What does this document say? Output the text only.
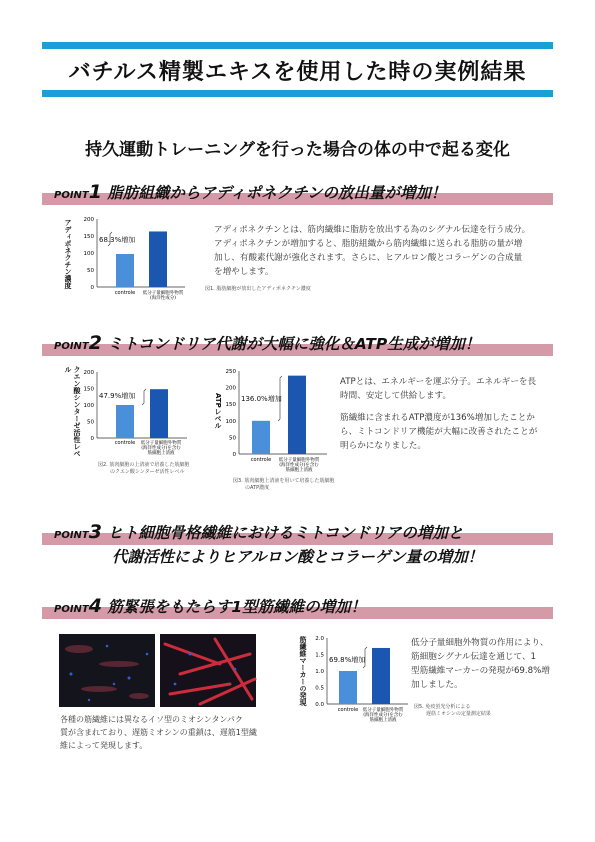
バチルス精製エキスを使用した時の実例結果
持久運動トレーニングを行った場合の体の中で起る変化
POINT1 脂肪組織からアディポネクチンの放出量が増加！
アディポネクチン濃度	0
50
100
150
200
68.3%増加
controle 低分子量細胞外物質
(海洋性成分)
図1. 脂肪細胞が放出したアディポネクチン濃度
アディポネクチンとは、筋肉繊維に脂肪を放出する為のシグナル伝達を行う成分。
アディポネクチンが増加すると、脂肪組織から筋肉繊維に送られる脂肪の量が増
加し、有酸素代謝が強化されます。さらに、ヒアルロン酸とコラーゲンの合成量
を増やします。
POINT2 ミトコンドリア代謝が大幅に強化＆ATP生成が増加！
クエン酸シンターゼ活性レベル
0
50
100
150
200
47.9%増加
controle 低分子量細胞外物質
(海洋性成分)を含む
筋細胞上清液
図2. 筋肉細胞の上清液で培養した筋細胞
のクエン酸シンターゼ活性レベル
ATPレベル
0
50
100
150
200
250
136.0%増加
controle 低分子量細胞外物質
(海洋性成分)を含む
筋細胞上清液
図3. 筋肉細胞上清液を用いて培養した筋細胞
のATP濃度
ATPとは、エネルギーを運ぶ分子。エネルギーを長
時間、安定して供給します。
筋繊維に含まれるATP濃度が136%増加したことか
ら、ミトコンドリア機能が大幅に改善されたことが
明らかになりました。
POINT3 ヒト細胞骨格繊維におけるミトコンドリアの増加と
代謝活性によりヒアルロン酸とコラーゲン量の増加！
POINT4 筋緊張をもたらす1型筋繊維の増加！
各種の筋繊維には異なるイソ型のミオシンタンパク
質が含まれており、遅筋ミオシンの重鎖は、遅筋1型繊
維によって発現します。
筋繊維マーカーの発現 0.0
0.5
1.0
1.5
2.0
69.8%増加
controle 低分子量細胞外物質
(海洋性成分)を含む
筋細胞上清液
低分子量細胞外物質の作用により、
筋細胞シグナル伝達を通じて、1
型筋繊維マーカーの発現が69.8%増
加しました。
図5. 免疫蛍光分析による
遅筋ミオシンの定量測定結果
